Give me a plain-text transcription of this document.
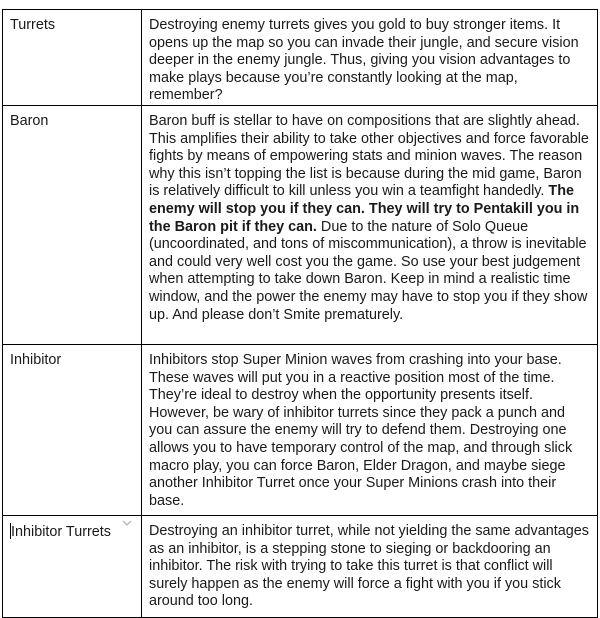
Turrets	Destroying enemy turrets gives you gold to buy stronger items. It opens up the map so you can invade their jungle, and secure vision deeper in the enemy jungle. Thus, giving you vision advantages to make plays because you’re constantly looking at the map, remember?
Baron	Baron buff is stellar to have on compositions that are slightly ahead. This amplifies their ability to take other objectives and force favorable fights by means of empowering stats and minion waves. The reason why this isn’t topping the list is because during the mid game, Baron is relatively difficult to kill unless you win a teamfight handedly. The enemy will stop you if they can. They will try to Pentakill you in the Baron pit if they can. Due to the nature of Solo Queue (uncoordinated, and tons of miscommunication), a throw is inevitable and could very well cost you the game. So use your best judgement when attempting to take down Baron. Keep in mind a realistic time window, and the power the enemy may have to stop you if they show up. And please don’t Smite prematurely.
Inhibitor	Inhibitors stop Super Minion waves from crashing into your base. These waves will put you in a reactive position most of the time. They’re ideal to destroy when the opportunity presents itself. However, be wary of inhibitor turrets since they pack a punch and you can assure the enemy will try to defend them. Destroying one allows you to have temporary control of the map, and through slick macro play, you can force Baron, Elder Dragon, and maybe siege another Inhibitor Turret once your Super Minions crash into their base.

Inhibitor Turrets	Destroying an inhibitor turret, while not yielding the same advantages as an inhibitor, is a stepping stone to sieging or backdooring an inhibitor. The risk with trying to take this turret is that conflict will surely happen as the enemy will force a fight with you if you stick around too long.
